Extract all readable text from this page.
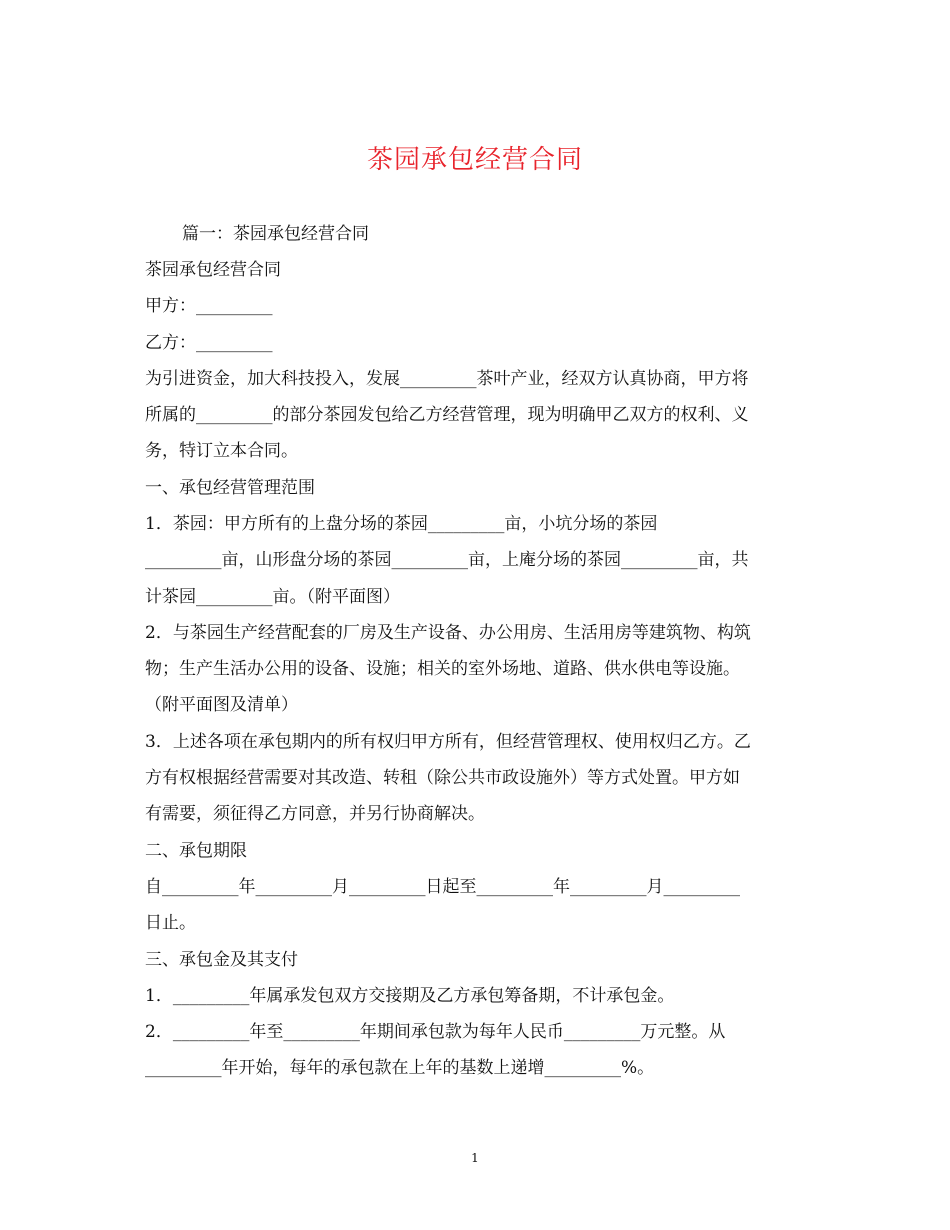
茶园承包经营合同

篇一：茶园承包经营合同

茶园承包经营合同

甲方：_________

乙方：_________

为引进资金，加大科技投入，发展_________茶叶产业，经双方认真协商，甲方将

所属的_________的部分茶园发包给乙方经营管理，现为明确甲乙双方的权利、义

务，特订立本合同。

一、承包经营管理范围

1．茶园：甲方所有的上盘分场的茶园_________亩，小坑分场的茶园

_________亩，山形盘分场的茶园_________亩，上庵分场的茶园_________亩，共

计茶园_________亩。（附平面图）

2．与茶园生产经营配套的厂房及生产设备、办公用房、生活用房等建筑物、构筑

物；生产生活办公用的设备、设施；相关的室外场地、道路、供水供电等设施。

（附平面图及清单）

3．上述各项在承包期内的所有权归甲方所有，但经营管理权、使用权归乙方。乙

方有权根据经营需要对其改造、转租（除公共市政设施外）等方式处置。甲方如

有需要，须征得乙方同意，并另行协商解决。

二、承包期限

自_________年_________月_________日起至_________年_________月_________

日止。

三、承包金及其支付

1．_________年属承发包双方交接期及乙方承包筹备期，不计承包金。

2．_________年至_________年期间承包款为每年人民币_________万元整。从

_________年开始，每年的承包款在上年的基数上递增_________%。

1
